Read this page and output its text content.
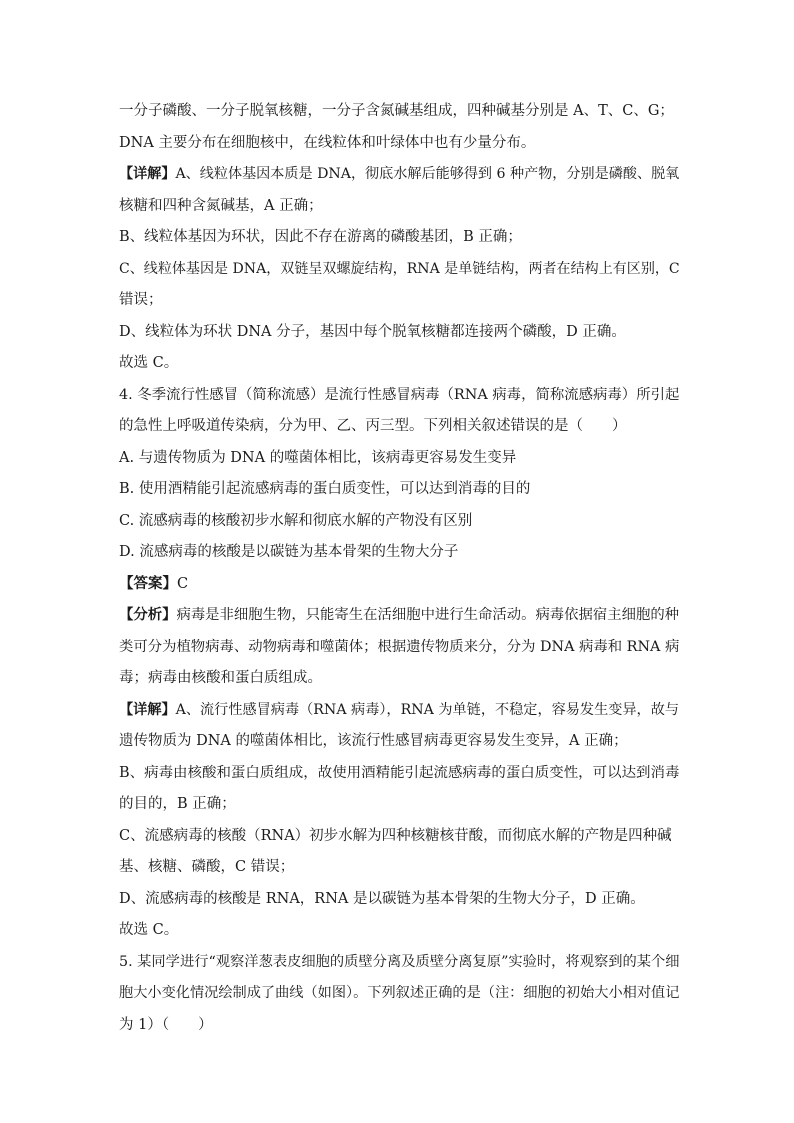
一分子磷酸、一分子脱氧核糖，一分子含氮碱基组成，四种碱基分别是 A、T、C、G；
DNA 主要分布在细胞核中，在线粒体和叶绿体中也有少量分布。
【详解】A、线粒体基因本质是 DNA，彻底水解后能够得到 6 种产物，分别是磷酸、脱氧
核糖和四种含氮碱基，A 正确；
B、线粒体基因为环状，因此不存在游离的磷酸基团，B 正确；
C、线粒体基因是 DNA，双链呈双螺旋结构，RNA 是单链结构，两者在结构上有区别，C
错误；
D、线粒体为环状 DNA 分子，基因中每个脱氧核糖都连接两个磷酸，D 正确。
故选 C。
4. 冬季流行性感冒（简称流感）是流行性感冒病毒（RNA 病毒，简称流感病毒）所引起
的急性上呼吸道传染病，分为甲、乙、丙三型。下列相关叙述错误的是（　　）
A. 与遗传物质为 DNA 的噬菌体相比，该病毒更容易发生变异
B. 使用酒精能引起流感病毒的蛋白质变性，可以达到消毒的目的
C. 流感病毒的核酸初步水解和彻底水解的产物没有区别
D. 流感病毒的核酸是以碳链为基本骨架的生物大分子
【答案】C
【分析】病毒是非细胞生物，只能寄生在活细胞中进行生命活动。病毒依据宿主细胞的种
类可分为植物病毒、动物病毒和噬菌体；根据遗传物质来分，分为 DNA 病毒和 RNA 病
毒；病毒由核酸和蛋白质组成。
【详解】A、流行性感冒病毒（RNA 病毒），RNA 为单链，不稳定，容易发生变异，故与
遗传物质为 DNA 的噬菌体相比，该流行性感冒病毒更容易发生变异，A 正确；
B、病毒由核酸和蛋白质组成，故使用酒精能引起流感病毒的蛋白质变性，可以达到消毒
的目的，B 正确；
C、流感病毒的核酸（RNA）初步水解为四种核糖核苷酸，而彻底水解的产物是四种碱
基、核糖、磷酸，C 错误；
D、流感病毒的核酸是 RNA，RNA 是以碳链为基本骨架的生物大分子，D 正确。
故选 C。
5. 某同学进行“观察洋葱表皮细胞的质壁分离及质壁分离复原”实验时，将观察到的某个细
胞大小变化情况绘制成了曲线（如图）。下列叙述正确的是（注：细胞的初始大小相对值记
为 1）（　　）
